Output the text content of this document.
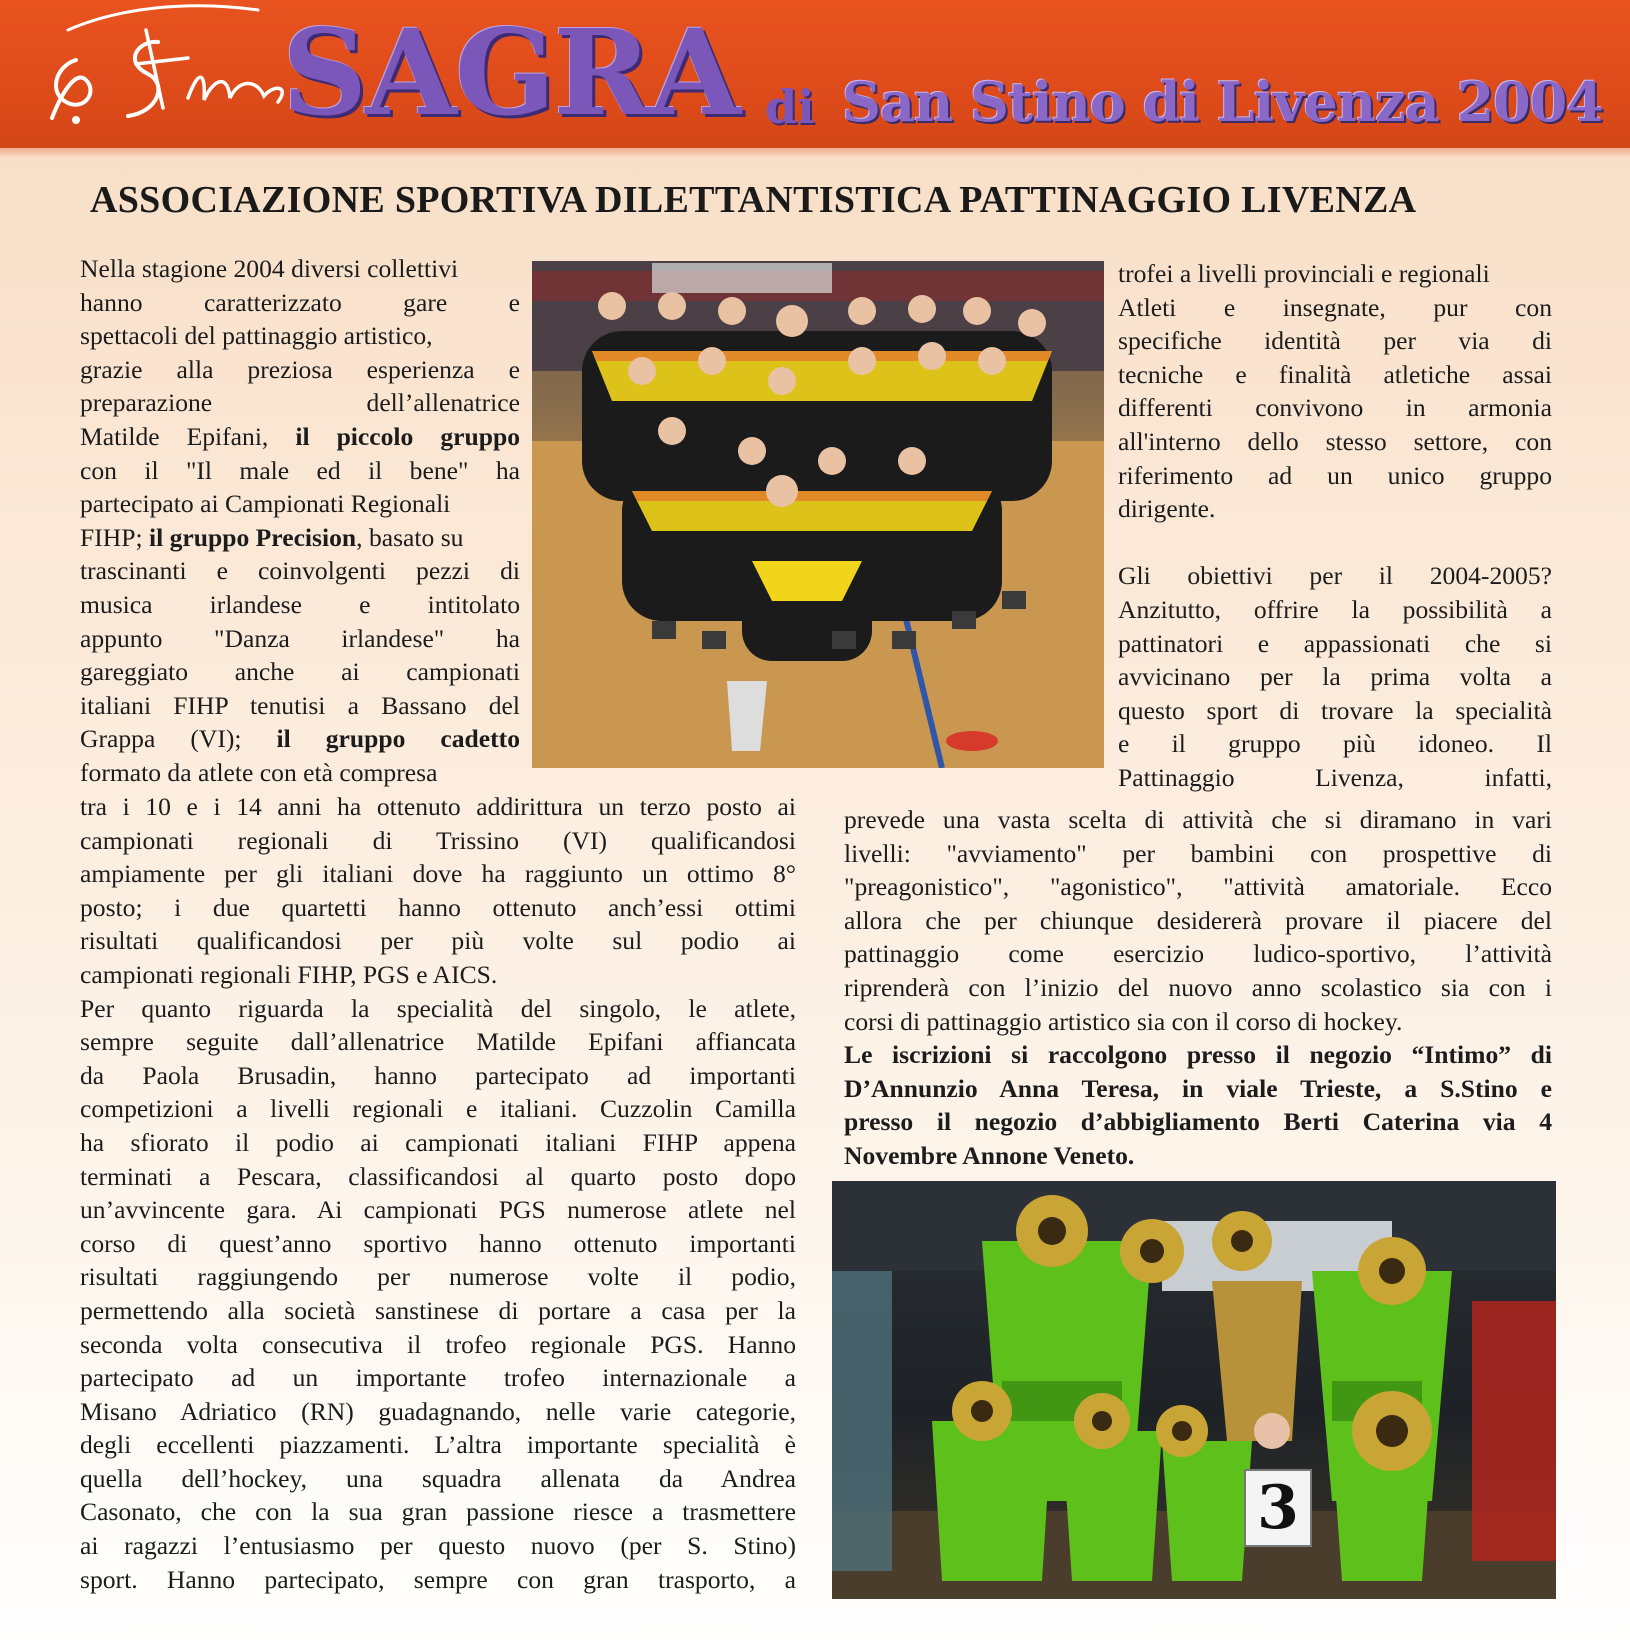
SAGRA di San Stino di Livenza 2004
ASSOCIAZIONE SPORTIVA DILETTANTISTICA PATTINAGGIO LIVENZA

Nella stagione 2004 diversi collettivi

hanno caratterizzato gare e

spettacoli del pattinaggio artistico,

grazie alla preziosa esperienza e

preparazione dell’allenatrice

Matilde Epifani, il piccolo gruppo

con il "Il male ed il bene" ha

partecipato ai Campionati Regionali

FIHP; il gruppo Precision, basato su

trascinanti e coinvolgenti pezzi di

musica irlandese e intitolato

appunto "Danza irlandese" ha

gareggiato anche ai campionati

italiani FIHP tenutisi a Bassano del

Grappa (VI); il gruppo cadetto

formato da atlete con età compresa

trofei a livelli provinciali e regionali

Atleti e insegnate, pur con

specifiche identità per via di

tecniche e finalità atletiche assai

differenti convivono in armonia

all'interno dello stesso settore, con

riferimento ad un unico gruppo

dirigente.

Gli obiettivi per il 2004-2005?

Anzitutto, offrire la possibilità a

pattinatori e appassionati che si

avvicinano per la prima volta a

questo sport di trovare la specialità

e il gruppo più idoneo. Il

Pattinaggio Livenza, infatti,

tra i 10 e i 14 anni ha ottenuto addirittura un terzo posto ai

campionati regionali di Trissino (VI) qualificandosi

ampiamente per gli italiani dove ha raggiunto un ottimo 8°

posto; i due quartetti hanno ottenuto anch’essi ottimi

risultati qualificandosi per più volte sul podio ai

campionati regionali FIHP, PGS e AICS.

Per quanto riguarda la specialità del singolo, le atlete,

sempre seguite dall’allenatrice Matilde Epifani affiancata

da Paola Brusadin, hanno partecipato ad importanti

competizioni a livelli regionali e italiani. Cuzzolin Camilla

ha sfiorato il podio ai campionati italiani FIHP appena

terminati a Pescara, classificandosi al quarto posto dopo

un’avvincente gara. Ai campionati PGS numerose atlete nel

corso di quest’anno sportivo hanno ottenuto importanti

risultati raggiungendo per numerose volte il podio,

permettendo alla società sanstinese di portare a casa per la

seconda volta consecutiva il trofeo regionale PGS. Hanno

partecipato ad un importante trofeo internazionale a

Misano Adriatico (RN) guadagnando, nelle varie categorie,

degli eccellenti piazzamenti. L’altra importante specialità è

quella dell’hockey, una squadra allenata da Andrea

Casonato, che con la sua gran passione riesce a trasmettere

ai ragazzi l’entusiasmo per questo nuovo (per S. Stino)

sport. Hanno partecipato, sempre con gran trasporto, a

prevede una vasta scelta di attività che si diramano in vari

livelli: "avviamento" per bambini con prospettive di

"preagonistico", "agonistico", "attività amatoriale. Ecco

allora che per chiunque desidererà provare il piacere del

pattinaggio come esercizio ludico-sportivo, l’attività

riprenderà con l’inizio del nuovo anno scolastico sia con i

corsi di pattinaggio artistico sia con il corso di hockey.

Le iscrizioni si raccolgono presso il negozio “Intimo” di

D’Annunzio Anna Teresa, in viale Trieste, a S.Stino e

presso il negozio d’abbigliamento Berti Caterina via 4

Novembre Annone Veneto.

3
